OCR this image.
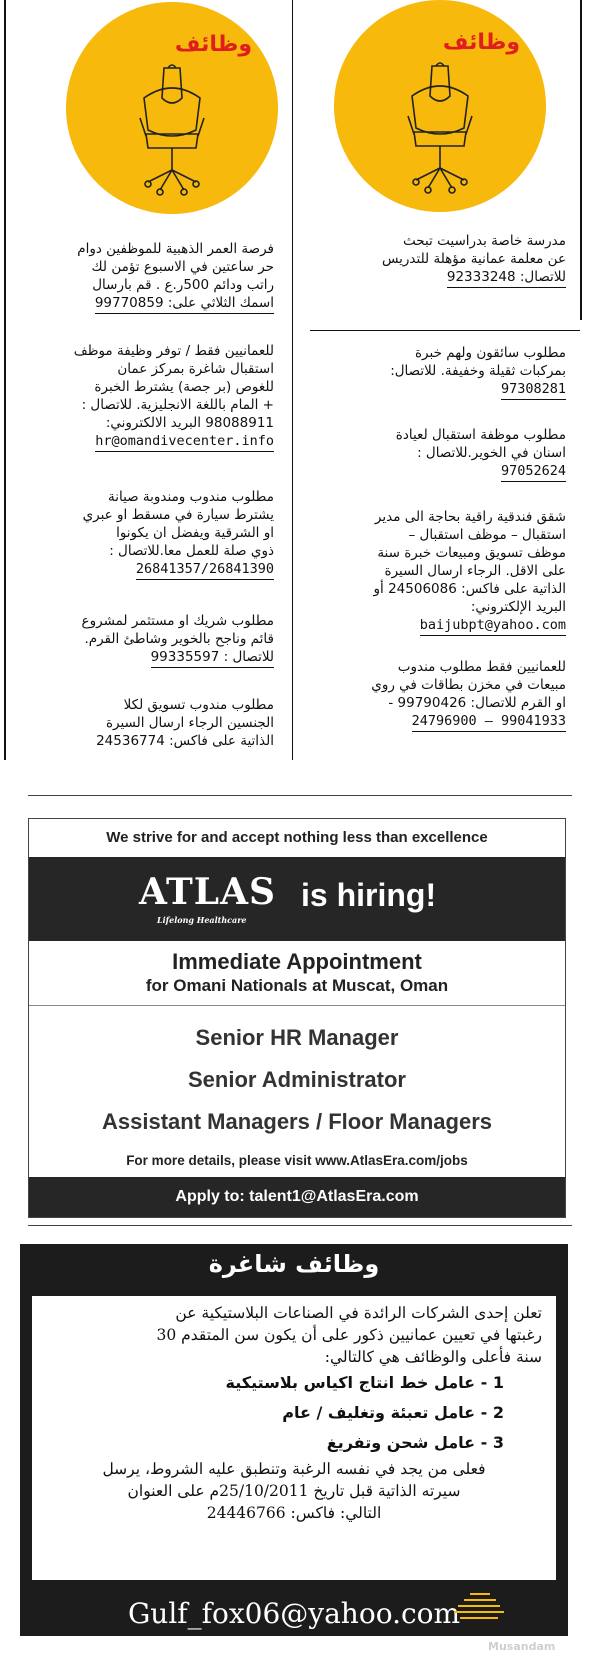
وظائف	وظائف
مدرسة خاصة بدراسيت تبحث
عن معلمة عمانية مؤهلة للتدريس
للاتصال: 92333248
مطلوب سائقون ولهم خبرة
بمركبات ثقيلة وخفيفة. للاتصال:
97308281
مطلوب موظفة استقبال لعيادة
اسنان في الخوير.للاتصال :
97052624
شقق فندقية راقية بحاجة الى مدير
استقبال – موظف استقبال –
موظف تسويق ومبيعات خبرة سنة
على الاقل. الرجاء ارسال السيرة
الذاتية على فاكس: 24506086 أو
البريد الإلكتروني:
baijubpt@yahoo.com
للعمانيين فقط مطلوب مندوب
مبيعات في مخزن بطاقات في روي
او القرم للاتصال: 99790426 -
24796900 – 99041933
فرصة العمر الذهبية للموظفين دوام
حر ساعتين في الاسبوع تؤمن لك
راتب ودائم 500ر.ع . قم بارسال
اسمك الثلاثي على: 99770859
للعمانيين فقط / توفر وظيفة موظف
استقبال شاغرة بمركز عمان
للغوص (بر جصة) يشترط الخبرة
+ المام باللغة الانجليزية. للاتصال :
98088911 البريد الالكتروني:
hr@omandivecenter.info
مطلوب مندوب ومندوبة صيانة
يشترط سيارة في مسقط او عبري
او الشرقية ويفضل ان يكونوا
ذوي صلة للعمل معا.للاتصال :
26841357/26841390
مطلوب شريك او مستثمر لمشروع
قائم وناجح بالخوير وشاطئ القرم.
للاتصال : 99335597
مطلوب مندوب تسويق لكلا
الجنسين الرجاء ارسال السيرة
الذاتية على فاكس: 24536774
We strive for and accept nothing less than excellence
ATLAS
Lifelong Healthcare
is hiring!
Immediate Appointment
for Omani Nationals at Muscat, Oman
Senior HR Manager
Senior Administrator
Assistant Managers / Floor Managers
For more details, please visit www.AtlasEra.com/jobs
Apply to: talent1@AtlasEra.com
وظائف شاغرة
تعلن إحدى الشركات الرائدة في الصناعات البلاستيكية عن
رغبتها في تعيين عمانيين ذكور على أن يكون سن المتقدم 30
سنة فأعلى والوظائف هي كالتالي:
1 - عامل خط انتاج اكياس بلاستيكية
2 - عامل تعبئة وتغليف / عام
3 - عامل شحن وتفريغ
فعلى من يجد في نفسه الرغبة وتنطبق عليه الشروط، يرسل
سيرته الذاتية قبل تاريخ 25/10/2011م على العنوان
التالي: فاكس: 24446766
Gulf_fox06@yahoo.com
Musandam
